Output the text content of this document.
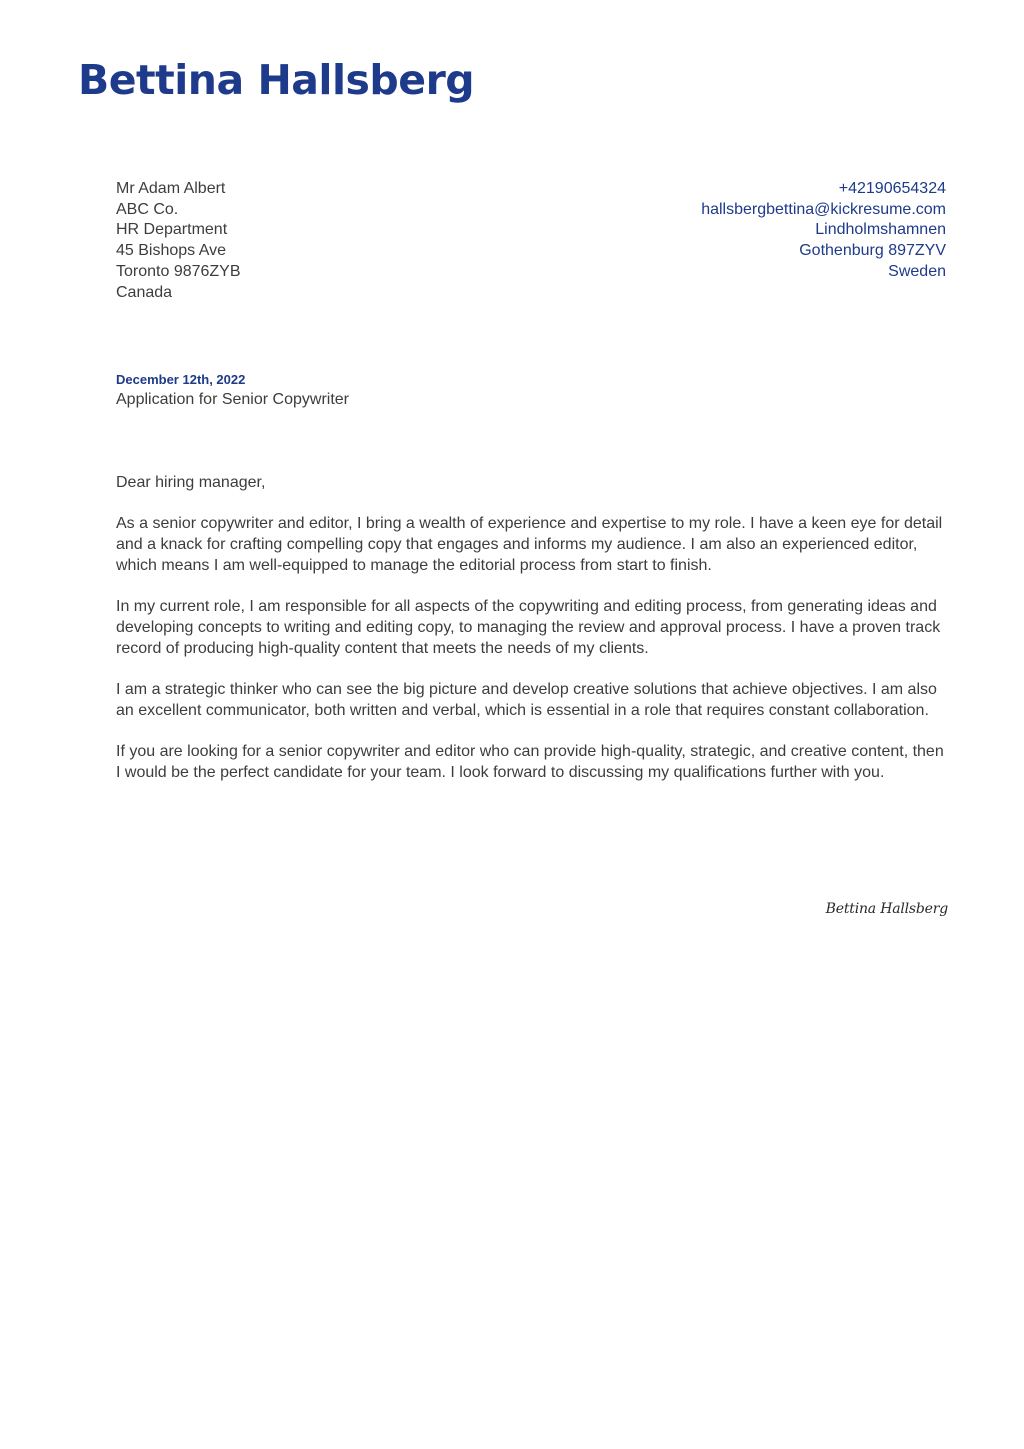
Bettina Hallsberg
Mr Adam Albert
ABC Co.
HR Department
45 Bishops Ave
Toronto 9876ZYB
Canada
+42190654324
hallsbergbettina@kickresume.com
Lindholmshamnen
Gothenburg 897ZYV
Sweden
December 12th, 2022
Application for Senior Copywriter

Dear hiring manager,

As a senior copywriter and editor, I bring a wealth of experience and expertise to my role. I have a keen eye for detail and a knack for crafting compelling copy that engages and informs my audience. I am also an experienced editor, which means I am well-equipped to manage the editorial process from start to finish.

In my current role, I am responsible for all aspects of the copywriting and editing process, from generating ideas and developing concepts to writing and editing copy, to managing the review and approval process. I have a proven track record of producing high-quality content that meets the needs of my clients.

I am a strategic thinker who can see the big picture and develop creative solutions that achieve objectives. I am also an excellent communicator, both written and verbal, which is essential in a role that requires constant collaboration.

If you are looking for a senior copywriter and editor who can provide high-quality, strategic, and creative content, then I would be the perfect candidate for your team. I look forward to discussing my qualifications further with you.

Bettina Hallsberg
